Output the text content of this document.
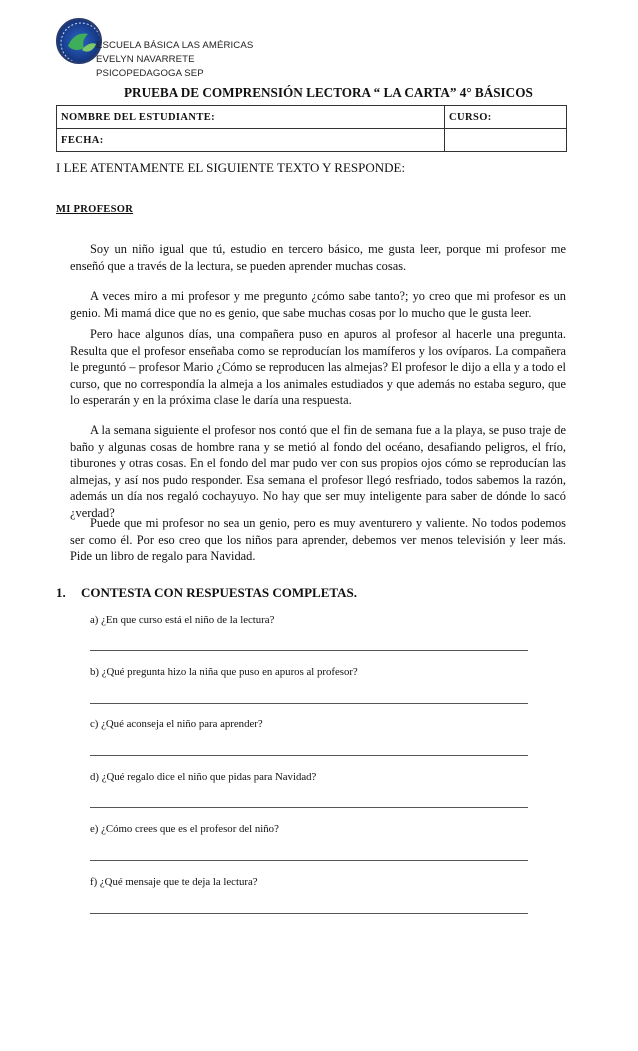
ESCUELA BÁSICA LAS AMÉRICAS
EVELYN NAVARRETE
PSICOPEDAGOGA SEP
PRUEBA DE COMPRENSIÓN LECTORA “ LA CARTA” 4° BÁSICOS
NOMBRE DEL ESTUDIANTE:	CURSO:
FECHA:	
I LEE ATENTAMENTE EL SIGUIENTE TEXTO Y RESPONDE:
MI PROFESOR

Soy un niño igual que tú, estudio en tercero básico, me gusta leer, porque mi profesor me enseñó que a través de la lectura, se pueden aprender muchas cosas.

A veces miro a mi profesor y me pregunto ¿cómo sabe tanto?; yo creo que mi profesor es un genio. Mi mamá dice que no es genio, que sabe muchas cosas por lo mucho que le gusta leer.

Pero hace algunos días, una compañera puso en apuros al profesor al hacerle una pregunta. Resulta que el profesor enseñaba como se reproducían los mamíferos y los ovíparos. La compañera le preguntó – profesor Mario ¿Cómo se reproducen las almejas? El profesor le dijo a ella y a todo el curso, que no correspondía la almeja a los animales estudiados y que además no estaba seguro, que lo esperarán y en la próxima clase le daría una respuesta.

A la semana siguiente el profesor nos contó que el fin de semana fue a la playa, se puso traje de baño y algunas cosas de hombre rana y se metió al fondo del océano, desafiando peligros, el frío, tiburones y otras cosas. En el fondo del mar pudo ver con sus propios ojos cómo se reproducían las almejas, y así nos pudo responder. Esa semana el profesor llegó resfriado, todos sabemos la razón, además un día nos regaló cochayuyo. No hay que ser muy inteligente para saber de dónde lo sacó ¿verdad?

Puede que mi profesor no sea un genio, pero es muy aventurero y valiente. No todos podemos ser como él. Por eso creo que los niños para aprender, debemos ver menos televisión y leer más. Pide un libro de regalo para Navidad.

1. CONTESTA CON RESPUESTAS COMPLETAS.
a) ¿En que curso está el niño de la lectura?
b) ¿Qué pregunta hizo la niña que puso en apuros al profesor?
c) ¿Qué aconseja el niño para aprender?
d) ¿Qué regalo dice el niño que pidas para Navidad?
e) ¿Cómo crees que es el profesor del niño?
f) ¿Qué mensaje que te deja la lectura?
